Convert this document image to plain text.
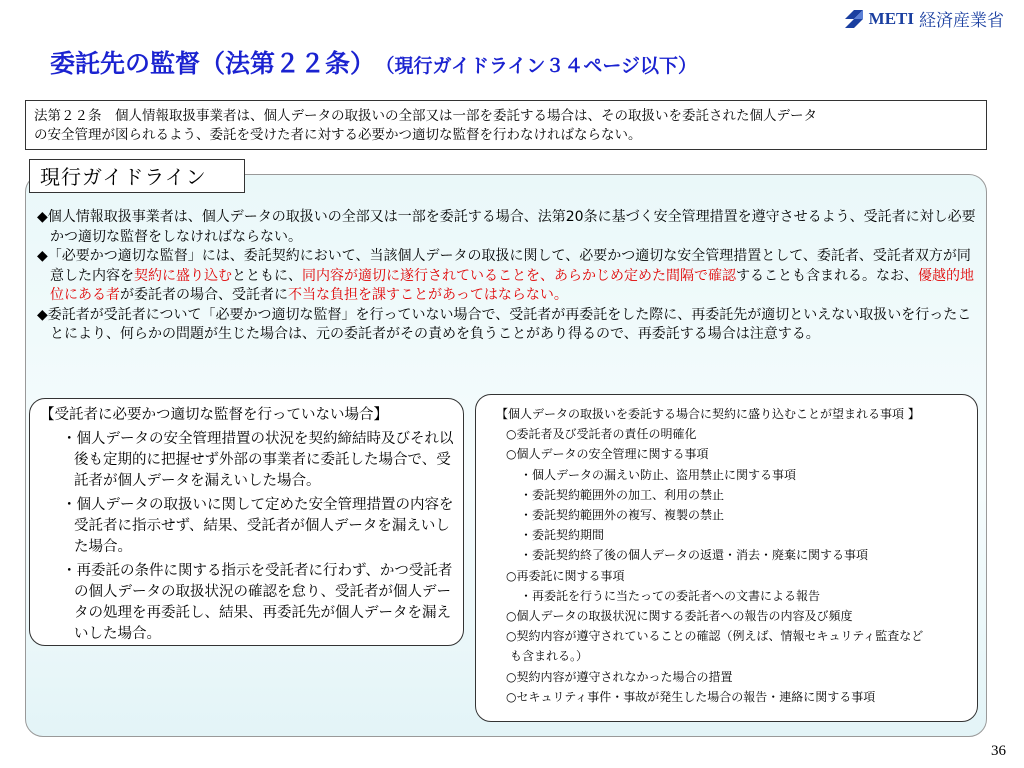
METI 経済産業省
委託先の監督（法第２２条） （現行ガイドライン３４ページ以下）
法第２２条　個人情報取扱事業者は、個人データの取扱いの全部又は一部を委託する場合は、その取扱いを委託された個人データ
の安全管理が図られるよう、委託を受けた者に対する必要かつ適切な監督を行わなければならない。
現行ガイドライン

◆個人情報取扱事業者は、個人データの取扱いの全部又は一部を委託する場合、法第20条に基づく安全管理措置を遵守させるよう、受託者に対し必要かつ適切な監督をしなければならない。

◆「必要かつ適切な監督」には、委託契約において、当該個人データの取扱に関して、必要かつ適切な安全管理措置として、委託者、受託者双方が同意した内容を契約に盛り込むとともに、同内容が適切に遂行されていることを、あらかじめ定めた間隔で確認することも含まれる。なお、優越的地位にある者が委託者の場合、受託者に不当な負担を課すことがあってはならない。

◆委託者が受託者について「必要かつ適切な監督」を行っていない場合で、受託者が再委託をした際に、再委託先が適切といえない取扱いを行ったことにより、何らかの問題が生じた場合は、元の委託者がその責めを負うことがあり得るので、再委託する場合は注意する。

【受託者に必要かつ適切な監督を行っていない場合】
・個人データの安全管理措置の状況を契約締結時及びそれ以後も定期的に把握せず外部の事業者に委託した場合で、受託者が個人データを漏えいした場合。
・個人データの取扱いに関して定めた安全管理措置の内容を受託者に指示せず、結果、受託者が個人データを漏えいした場合。
・再委託の条件に関する指示を受託者に行わず、かつ受託者の個人データの取扱状況の確認を怠り、受託者が個人データの処理を再委託し、結果、再委託先が個人データを漏えいした場合。
【個人データの取扱いを委託する場合に契約に盛り込むことが望まれる事項 】
○委託者及び受託者の責任の明確化
○個人データの安全管理に関する事項
・個人データの漏えい防止、盗用禁止に関する事項
・委託契約範囲外の加工、利用の禁止
・委託契約範囲外の複写、複製の禁止
・委託契約期間
・委託契約終了後の個人データの返還・消去・廃棄に関する事項
○再委託に関する事項
・再委託を行うに当たっての委託者への文書による報告
○個人データの取扱状況に関する委託者への報告の内容及び頻度
○契約内容が遵守されていることの確認（例えば、情報セキュリティ監査など
も含まれる。）
○契約内容が遵守されなかった場合の措置
○セキュリティ事件・事故が発生した場合の報告・連絡に関する事項
36
